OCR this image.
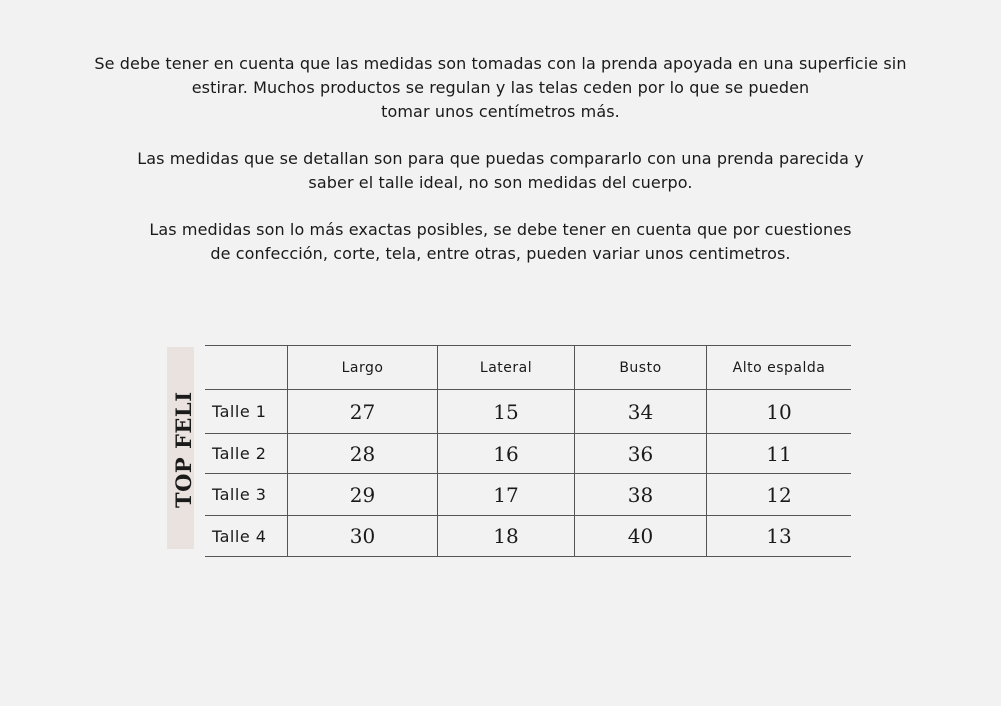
Se debe tener en cuenta que las medidas son tomadas con la prenda apoyada en una superficie sin
estirar. Muchos productos se regulan y las telas ceden por lo que se pueden
tomar unos centímetros más.

Las medidas que se detallan son para que puedas compararlo con una prenda parecida y
saber el talle ideal, no son medidas del cuerpo.

Las medidas son lo más exactas posibles, se debe tener en cuenta que por cuestiones
de confección, corte, tela, entre otras, pueden variar unos centimetros.

TOP FELI
	Largo	Lateral	Busto	Alto espalda
Talle 1	27	15	34	10
Talle 2	28	16	36	11
Talle 3	29	17	38	12
Talle 4	30	18	40	13
